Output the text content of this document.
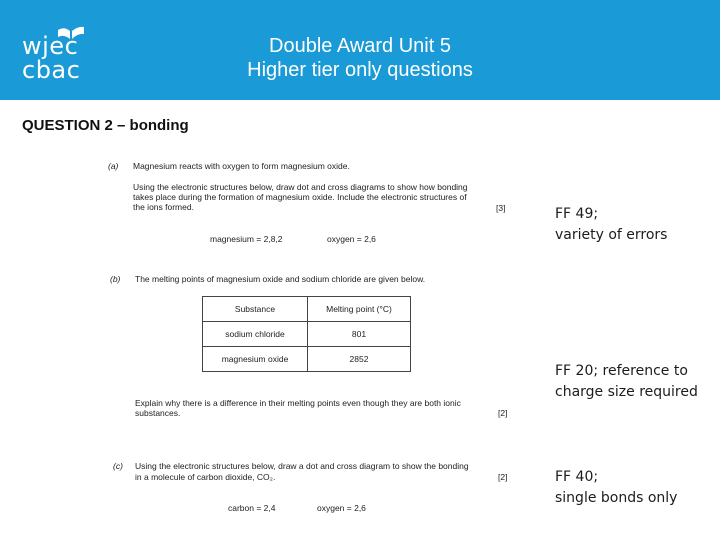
wjec
cbac
Double Award Unit 5
Higher tier only questions
QUESTION 2 – bonding
(a) Magnesium reacts with oxygen to form magnesium oxide.
Using the electronic structures below, draw dot and cross diagrams to show how bonding
takes place during the formation of magnesium oxide. Include the electronic structures of
the ions formed.	[3]
magnesium = 2,8,2	oxygen = 2,6
(b) The melting points of magnesium oxide and sodium chloride are given below.
Substance	Melting point (°C)
sodium chloride	801
magnesium oxide	2852
Explain why there is a difference in their melting points even though they are both ionic
substances.	[2]
(c) Using the electronic structures below, draw a dot and cross diagram to show the bonding
in a molecule of carbon dioxide, CO₂.	[2]
carbon = 2,4	oxygen = 2,6
FF 49;
variety of errors
FF 20; reference to
charge size required
FF 40;
single bonds only
